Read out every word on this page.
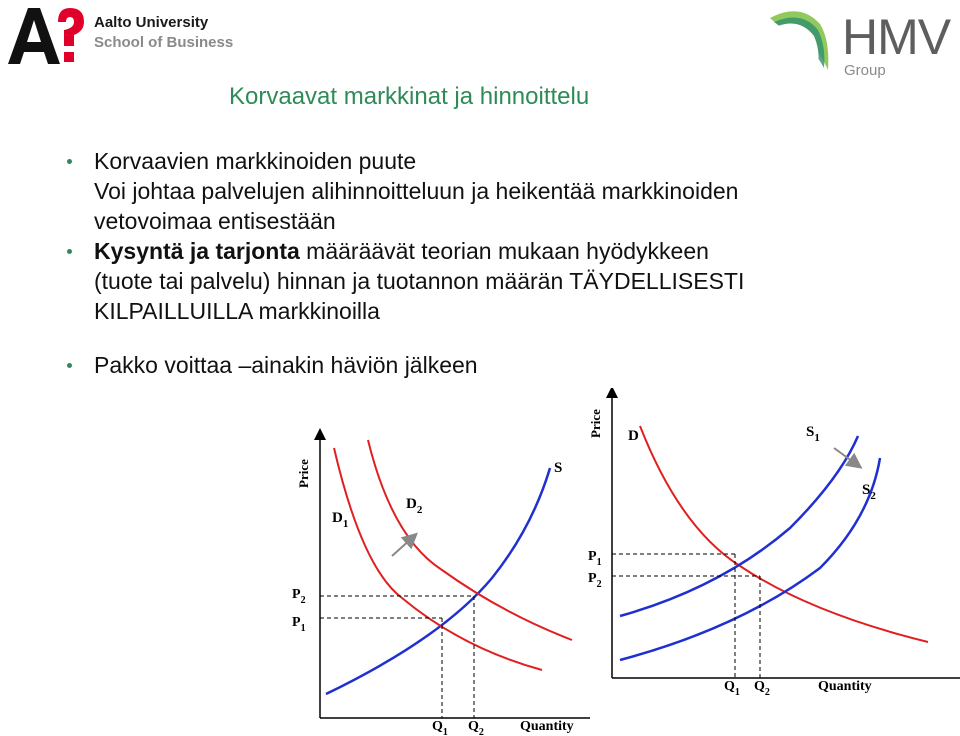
Aalto University
School of Business	HMV
Group
Korvaavat markkinat ja hinnoittelu
Korvaavien markkinoiden puute
Voi johtaa palvelujen alihinnoitteluun ja heikentää markkinoiden
vetovoimaa entisestään
Kysyntä ja tarjonta määräävät teorian mukaan hyödykkeen
(tuote tai palvelu) hinnan ja tuotannon määrän TÄYDELLISESTI
KILPAILLUILLA markkinoilla
Pakko voittaa –ainakin häviön jälkeen
Price
Quantity
S
$D_1$
$D_2$
$P_2$
$P_1$
$Q_1$ $Q_2$
Price
Quantity
D	$S_1$
$S_2$
$P_1$
$P_2$
$Q_1$ $Q_2$
